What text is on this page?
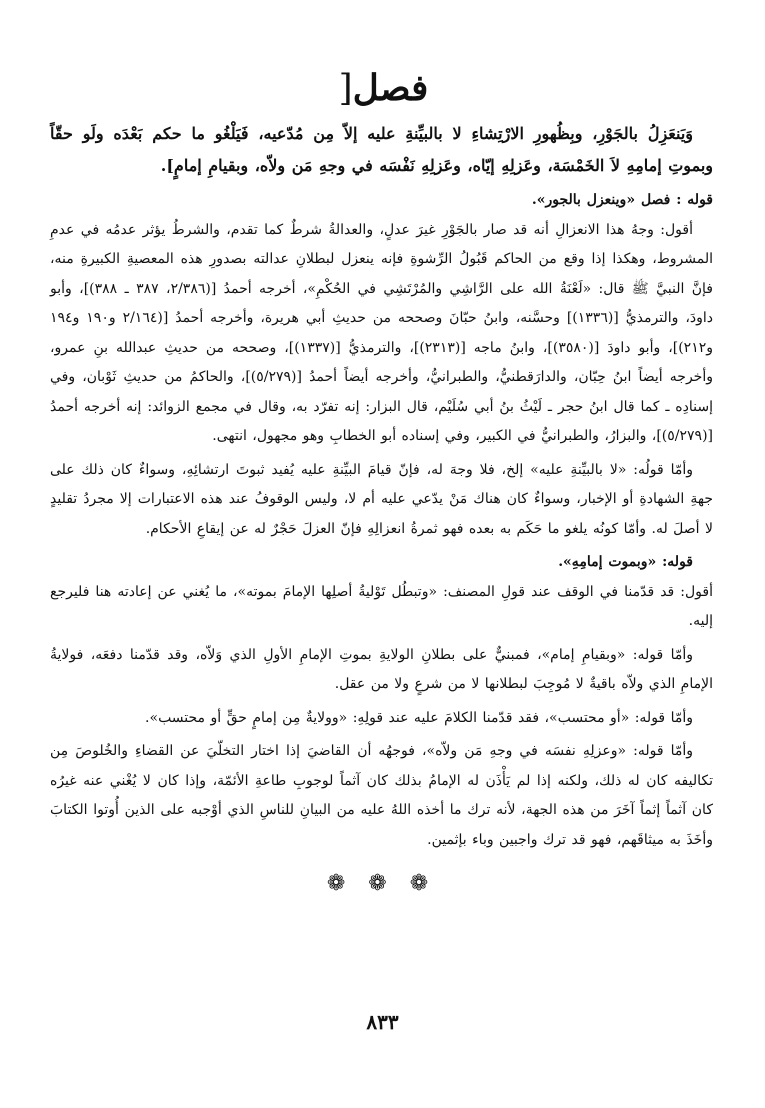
فصل[

وَيَنعَزِلُ بالجَوْرِ، وبِظُهورِ الارْتِشاءِ لا بالبيِّنةِ عليه إلاّ مِن مُدّعيه، فَيَلْغُو ما حكم بَعْدَه ولَو حقّاً وبموتِ إمامِهِ لاَ الخَمْسَة، وعَزلِهِ إيّاه، وعَزلِهِ نَفْسَه في وجهِ مَن ولاّه، وبقيامِ إمامٍ].

قوله : فصل «وينعزل بالجور».

أقول: وجهُ هذا الانعزالِ أنه قد صار بالجَوْرِ غيرَ عدلٍ، والعدالةُ شرطٌ كما تقدم، والشرطُ يؤثر عدمُه في عدمِ المشروط، وهكذا إذا وقع من الحاكم قَبُولُ الرِّشوةِ فإنه ينعزل لبطلانِ عدالته بصدورِ هذه المعصيةِ الكبيرةِ منه، فإنَّ النبيَّ ﷺ قال: «لَعْنَةُ الله على الرَّاشِي والمُرْتَشِي في الحُكْمِ»، أخرجه أحمدُ [(٢/٣٨٦، ٣٨٧ ـ ٣٨٨)]، وأبو داودَ، والترمذيُّ [(١٣٣٦)] وحسَّنه، وابنُ حبّانَ وصححه من حديثِ أبي هريرة، وأخرجه أحمدُ [(٢/١٦٤ و١٩٠ و١٩٤ و٢١٢)]، وأبو داودَ [(٣٥٨٠)]، وابنُ ماجه [(٢٣١٣)]، والترمذيُّ [(١٣٣٧)]، وصححه من حديثِ عبدالله بنِ عمرو، وأخرجه أيضاً ابنُ حِبّان، والدارَقطنيُّ، والطبرانيُّ، وأخرجه أيضاً أحمدُ [(٥/٢٧٩)]، والحاكمُ من حديثِ ثَوْبان، وفي إسنادِه ـ كما قال ابنُ حجر ـ لَيْثُ بنُ أبي سُلَيْم، قال البزار: إنه تفرّد به، وقال في مجمع الزوائد: إنه أخرجه أحمدُ [(٥/٢٧٩)]، والبزارُ، والطبرانيُّ في الكبير، وفي إسناده أبو الخطابِ وهو مجهول، انتهى.

وأمّا قولُه: «لا بالبيِّنةِ عليه» إلخ، فلا وجهَ له، فإنّ قيامَ البيِّنةِ عليه يُفيد ثبوتَ ارتشائِهِ، وسواءٌ كان ذلك على جهةِ الشهادةِ أو الإخبار، وسواءٌ كان هناك مَنْ يدّعي عليه أم لا، وليس الوقوفُ عند هذه الاعتبارات إلا مجردُ تقليدٍ لا أصلَ له. وأمّا كونُه يلغو ما حَكَم به بعده فهو ثمرةُ انعزالِهِ فإنّ العزلَ حَجْرٌ له عن إيقاعِ الأحكام.

قوله: «وبموت إمامِهِ».

أقول: قد قدّمنا في الوقف عند قولِ المصنف: «وتبطُل تَوْليةُ أصلِها الإمامَ بموته»، ما يُغني عن إعادته هنا فليرجع إليه.

وأمّا قوله: «وبقيامِ إمام»، فمبنيٌّ على بطلانِ الولايةِ بموتِ الإمامِ الأولِ الذي وَلاّه، وقد قدّمنا دفعَه، فولايةُ الإمامِ الذي ولاّه باقيةٌ لا مُوجِبَ لبطلانها لا من شرعٍ ولا من عقل.

وأمّا قوله: «أو محتسب»، فقد قدّمنا الكلامَ عليه عند قولِهِ: «وولايةٌ مِن إمامٍ حقٍّ أو محتسب».

وأمّا قوله: «وعزلِهِ نفسَه في وجهِ مَن ولاّه»، فوجهُه أن القاضيَ إذا اختار التخلّيَ عن القضاءِ والخُلوصَ مِن تكاليفه كان له ذلك، ولكنه إذا لم يَأْذَن له الإمامُ بذلك كان آثماً لوجوبِ طاعةِ الأئمّة، وإذا كان لا يُغْني عنه غيرُه كان آثماً إثماً آخَرَ من هذه الجهة، لأنه ترك ما أخذه اللهُ عليه من البيانِ للناسِ الذي أوْجبه على الذين أُوتوا الكتابَ وأخَذَ به ميثاقَهم، فهو قد ترك واجبين وباء بإثمين.

❁ ❁ ❁
٨٣٣
